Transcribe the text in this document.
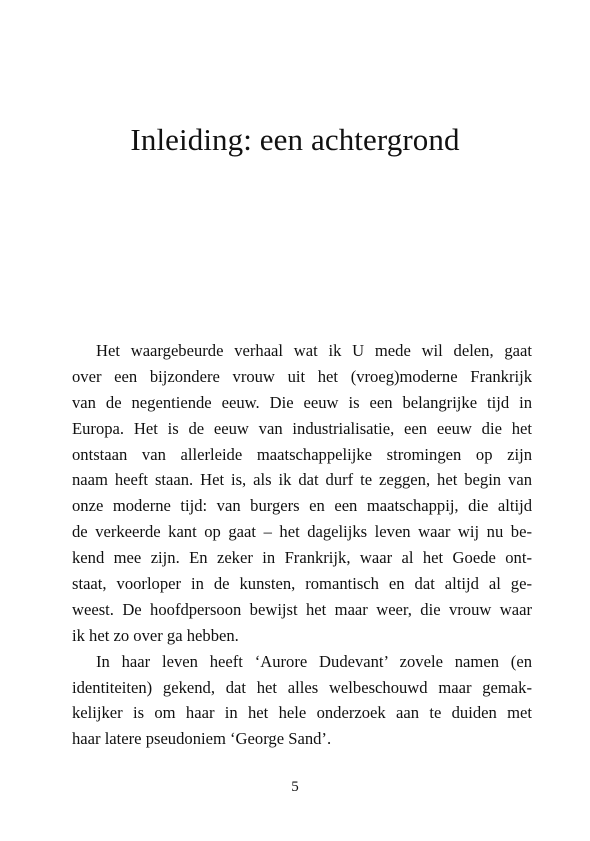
Inleiding: een achtergrond
Het waargebeurde verhaal wat ik U mede wil delen, gaat
over een bijzondere vrouw uit het (vroeg)moderne Frankrijk
van de negentiende eeuw. Die eeuw is een belangrijke tijd in
Europa. Het is de eeuw van industrialisatie, een eeuw die het
ontstaan van allerleide maatschappelijke stromingen op zijn
naam heeft staan. Het is, als ik dat durf te zeggen, het begin van
onze moderne tijd: van burgers en een maatschappij, die altijd
de verkeerde kant op gaat – het dagelijks leven waar wij nu be-
kend mee zijn. En zeker in Frankrijk, waar al het Goede ont-
staat, voorloper in de kunsten, romantisch en dat altijd al ge-
weest. De hoofdpersoon bewijst het maar weer, die vrouw waar
ik het zo over ga hebben.
In haar leven heeft ‘Aurore Dudevant’ zovele namen (en
identiteiten) gekend, dat het alles welbeschouwd maar gemak-
kelijker is om haar in het hele onderzoek aan te duiden met
haar latere pseudoniem ‘George Sand’.
5
